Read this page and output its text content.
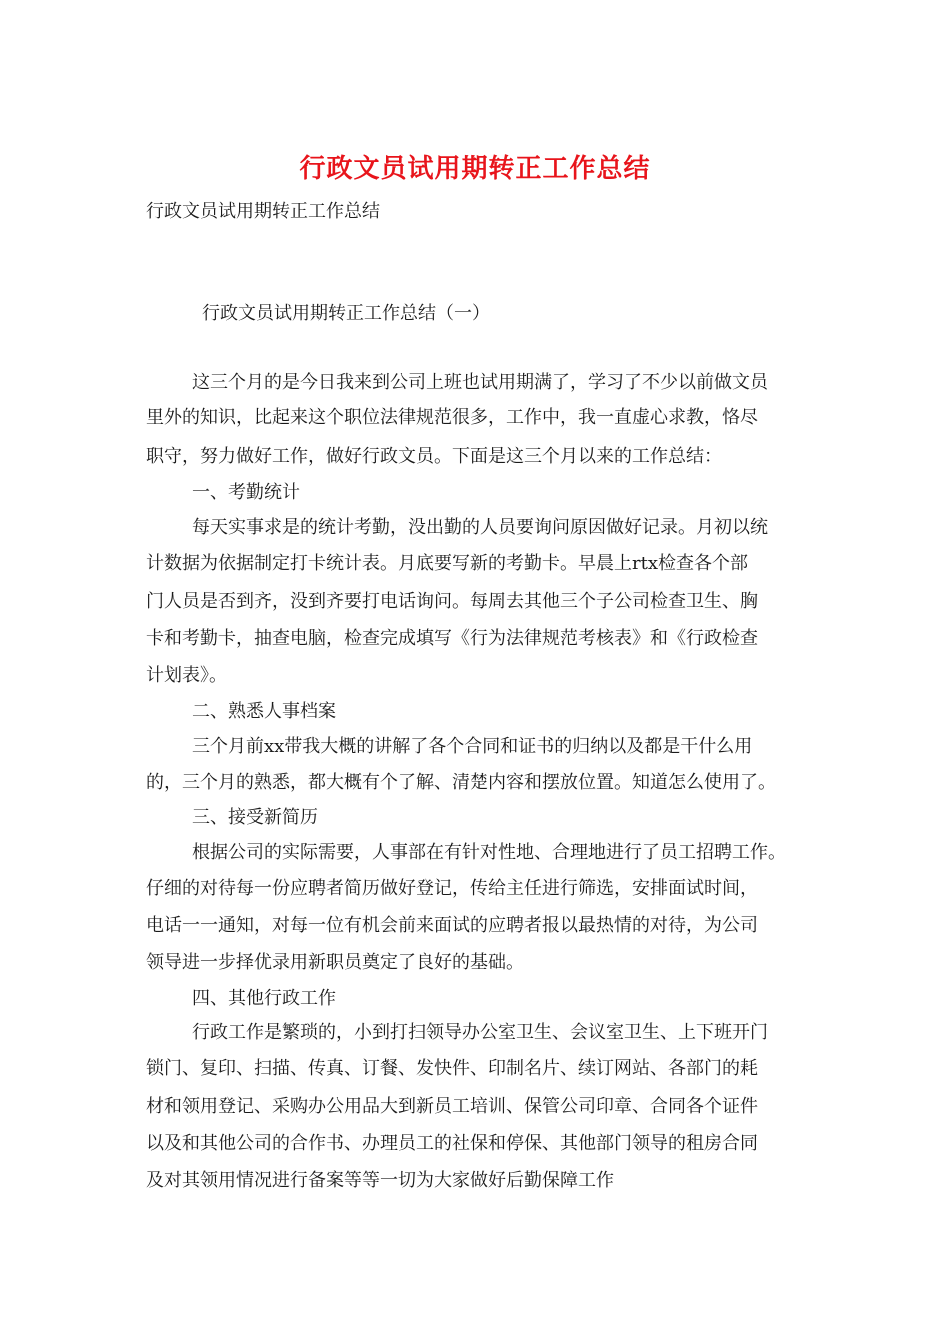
行政文员试用期转正工作总结
行政文员试用期转正工作总结
行政文员试用期转正工作总结（一）
这三个月的是今日我来到公司上班也试用期满了，学习了不少以前做文员
里外的知识，比起来这个职位法律规范很多，工作中，我一直虚心求教，恪尽
职守，努力做好工作，做好行政文员。下面是这三个月以来的工作总结：
一、考勤统计
每天实事求是的统计考勤，没出勤的人员要询问原因做好记录。月初以统
计数据为依据制定打卡统计表。月底要写新的考勤卡。早晨上rtx检查各个部
门人员是否到齐，没到齐要打电话询问。每周去其他三个子公司检查卫生、胸
卡和考勤卡，抽查电脑，检查完成填写《行为法律规范考核表》和《行政检查
计划表》。
二、熟悉人事档案
三个月前xx带我大概的讲解了各个合同和证书的归纳以及都是干什么用
的，三个月的熟悉，都大概有个了解、清楚内容和摆放位置。知道怎么使用了。
三、接受新简历
根据公司的实际需要，人事部在有针对性地、合理地进行了员工招聘工作。
仔细的对待每一份应聘者简历做好登记，传给主任进行筛选，安排面试时间，
电话一一通知，对每一位有机会前来面试的应聘者报以最热情的对待，为公司
领导进一步择优录用新职员奠定了良好的基础。
四、其他行政工作
行政工作是繁琐的，小到打扫领导办公室卫生、会议室卫生、上下班开门
锁门、复印、扫描、传真、订餐、发快件、印制名片、续订网站、各部门的耗
材和领用登记、采购办公用品大到新员工培训、保管公司印章、合同各个证件
以及和其他公司的合作书、办理员工的社保和停保、其他部门领导的租房合同
及对其领用情况进行备案等等一切为大家做好后勤保障工作
